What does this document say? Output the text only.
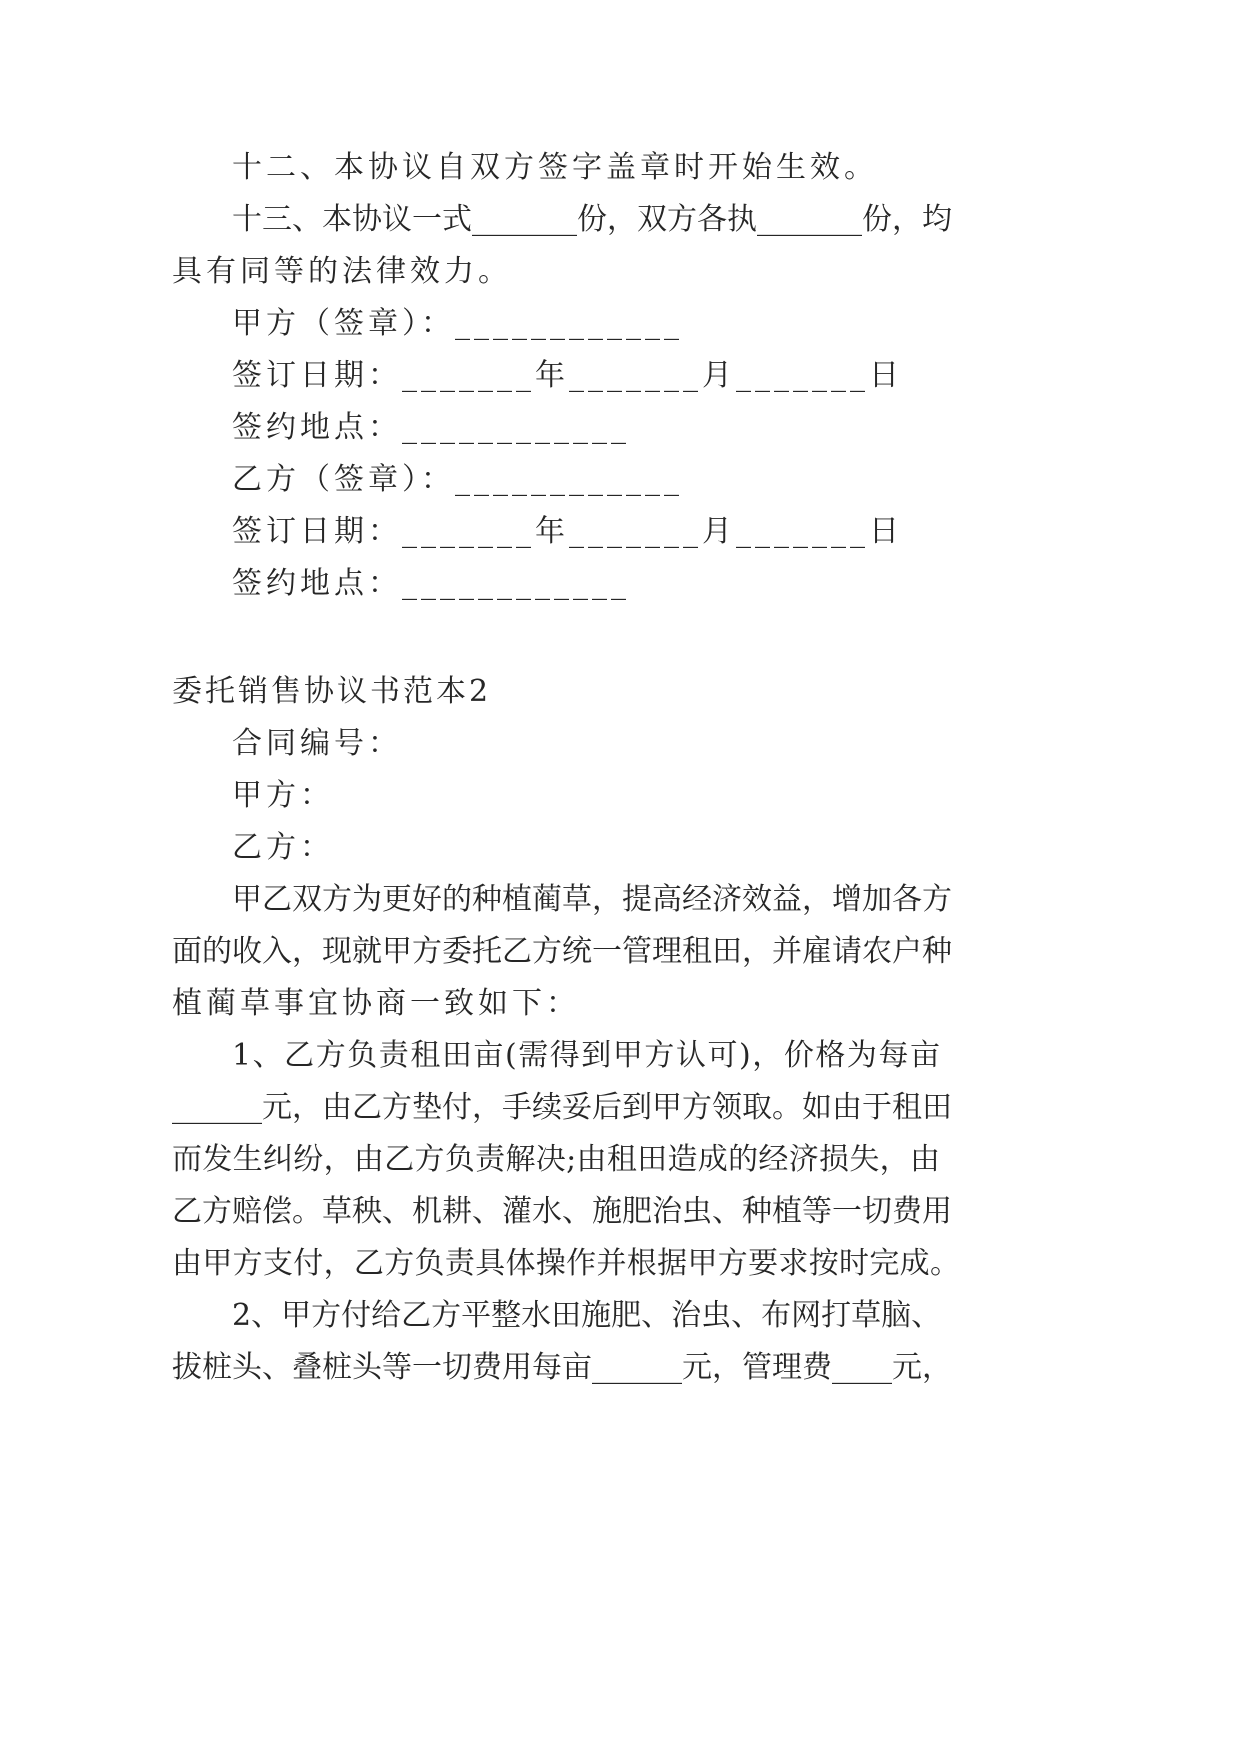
十二、本协议自双方签字盖章时开始生效。
十三、本协议一式_______份，双方各执_______份，均
具有同等的法律效力。
甲方（签章）：____________
签订日期：_______年_______月_______日
签约地点：____________
乙方（签章）：____________
签订日期：_______年_______月_______日
签约地点：____________
委托销售协议书范本2
合同编号：
甲方：
乙方：
甲乙双方为更好的种植蔺草，提高经济效益，增加各方
面的收入，现就甲方委托乙方统一管理租田，并雇请农户种
植蔺草事宜协商一致如下：
1、乙方负责租田亩(需得到甲方认可)，价格为每亩
______元，由乙方垫付，手续妥后到甲方领取。如由于租田
而发生纠纷，由乙方负责解决;由租田造成的经济损失，由
乙方赔偿。草秧、机耕、灌水、施肥治虫、种植等一切费用
由甲方支付，乙方负责具体操作并根据甲方要求按时完成。
2、甲方付给乙方平整水田施肥、治虫、布网打草脑、
拔桩头、叠桩头等一切费用每亩______元，管理费____元，
